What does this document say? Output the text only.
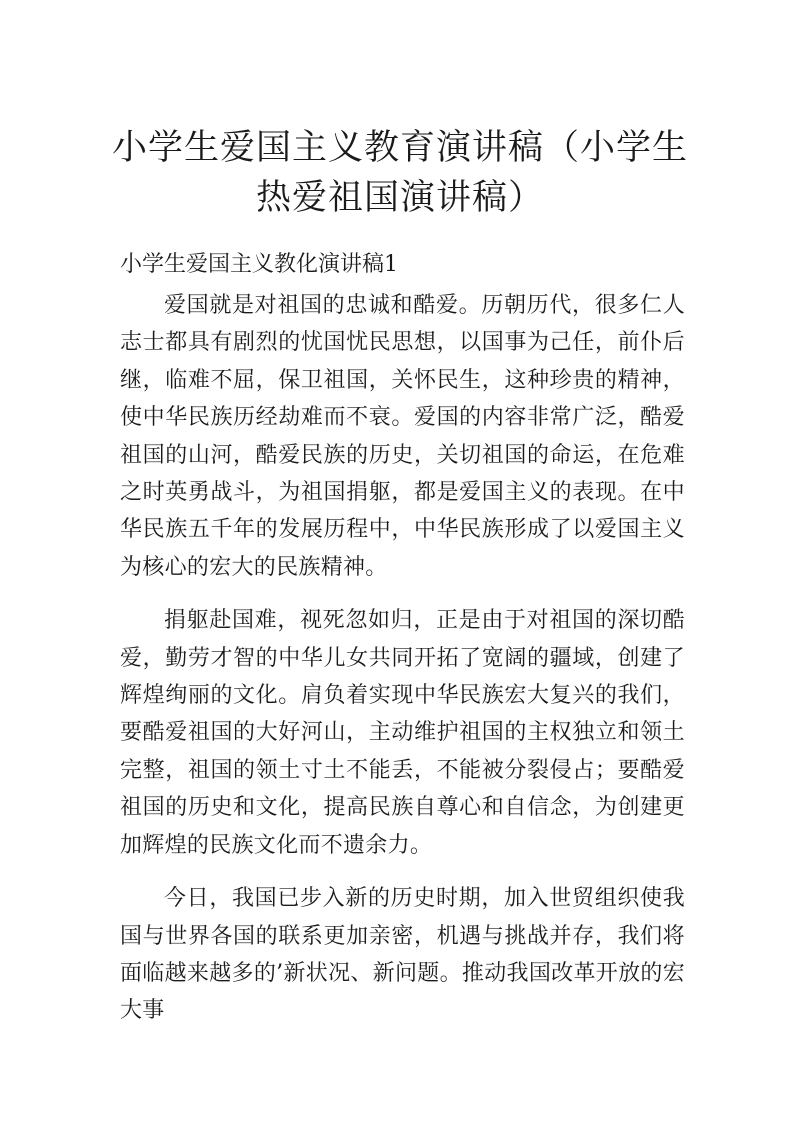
小学生爱国主义教育演讲稿（小学生热爱祖国演讲稿）
小学生爱国主义教化演讲稿1

爱国就是对祖国的忠诚和酷爱。历朝历代，很多仁人志士都具有剧烈的忧国忧民思想，以国事为己任，前仆后继，临难不屈，保卫祖国，关怀民生，这种珍贵的精神，使中华民族历经劫难而不衰。爱国的内容非常广泛，酷爱祖国的山河，酷爱民族的历史，关切祖国的命运，在危难之时英勇战斗，为祖国捐躯，都是爱国主义的表现。在中华民族五千年的发展历程中，中华民族形成了以爱国主义为核心的宏大的民族精神。

捐躯赴国难，视死忽如归，正是由于对祖国的深切酷爱，勤劳才智的中华儿女共同开拓了宽阔的疆域，创建了辉煌绚丽的文化。肩负着实现中华民族宏大复兴的我们，要酷爱祖国的大好河山，主动维护祖国的主权独立和领土完整，祖国的领土寸土不能丢，不能被分裂侵占；要酷爱祖国的历史和文化，提高民族自尊心和自信念，为创建更加辉煌的民族文化而不遗余力。

今日，我国已步入新的历史时期，加入世贸组织使我国与世界各国的联系更加亲密，机遇与挑战并存，我们将面临越来越多的’新状况、新问题。推动我国改革开放的宏大事
